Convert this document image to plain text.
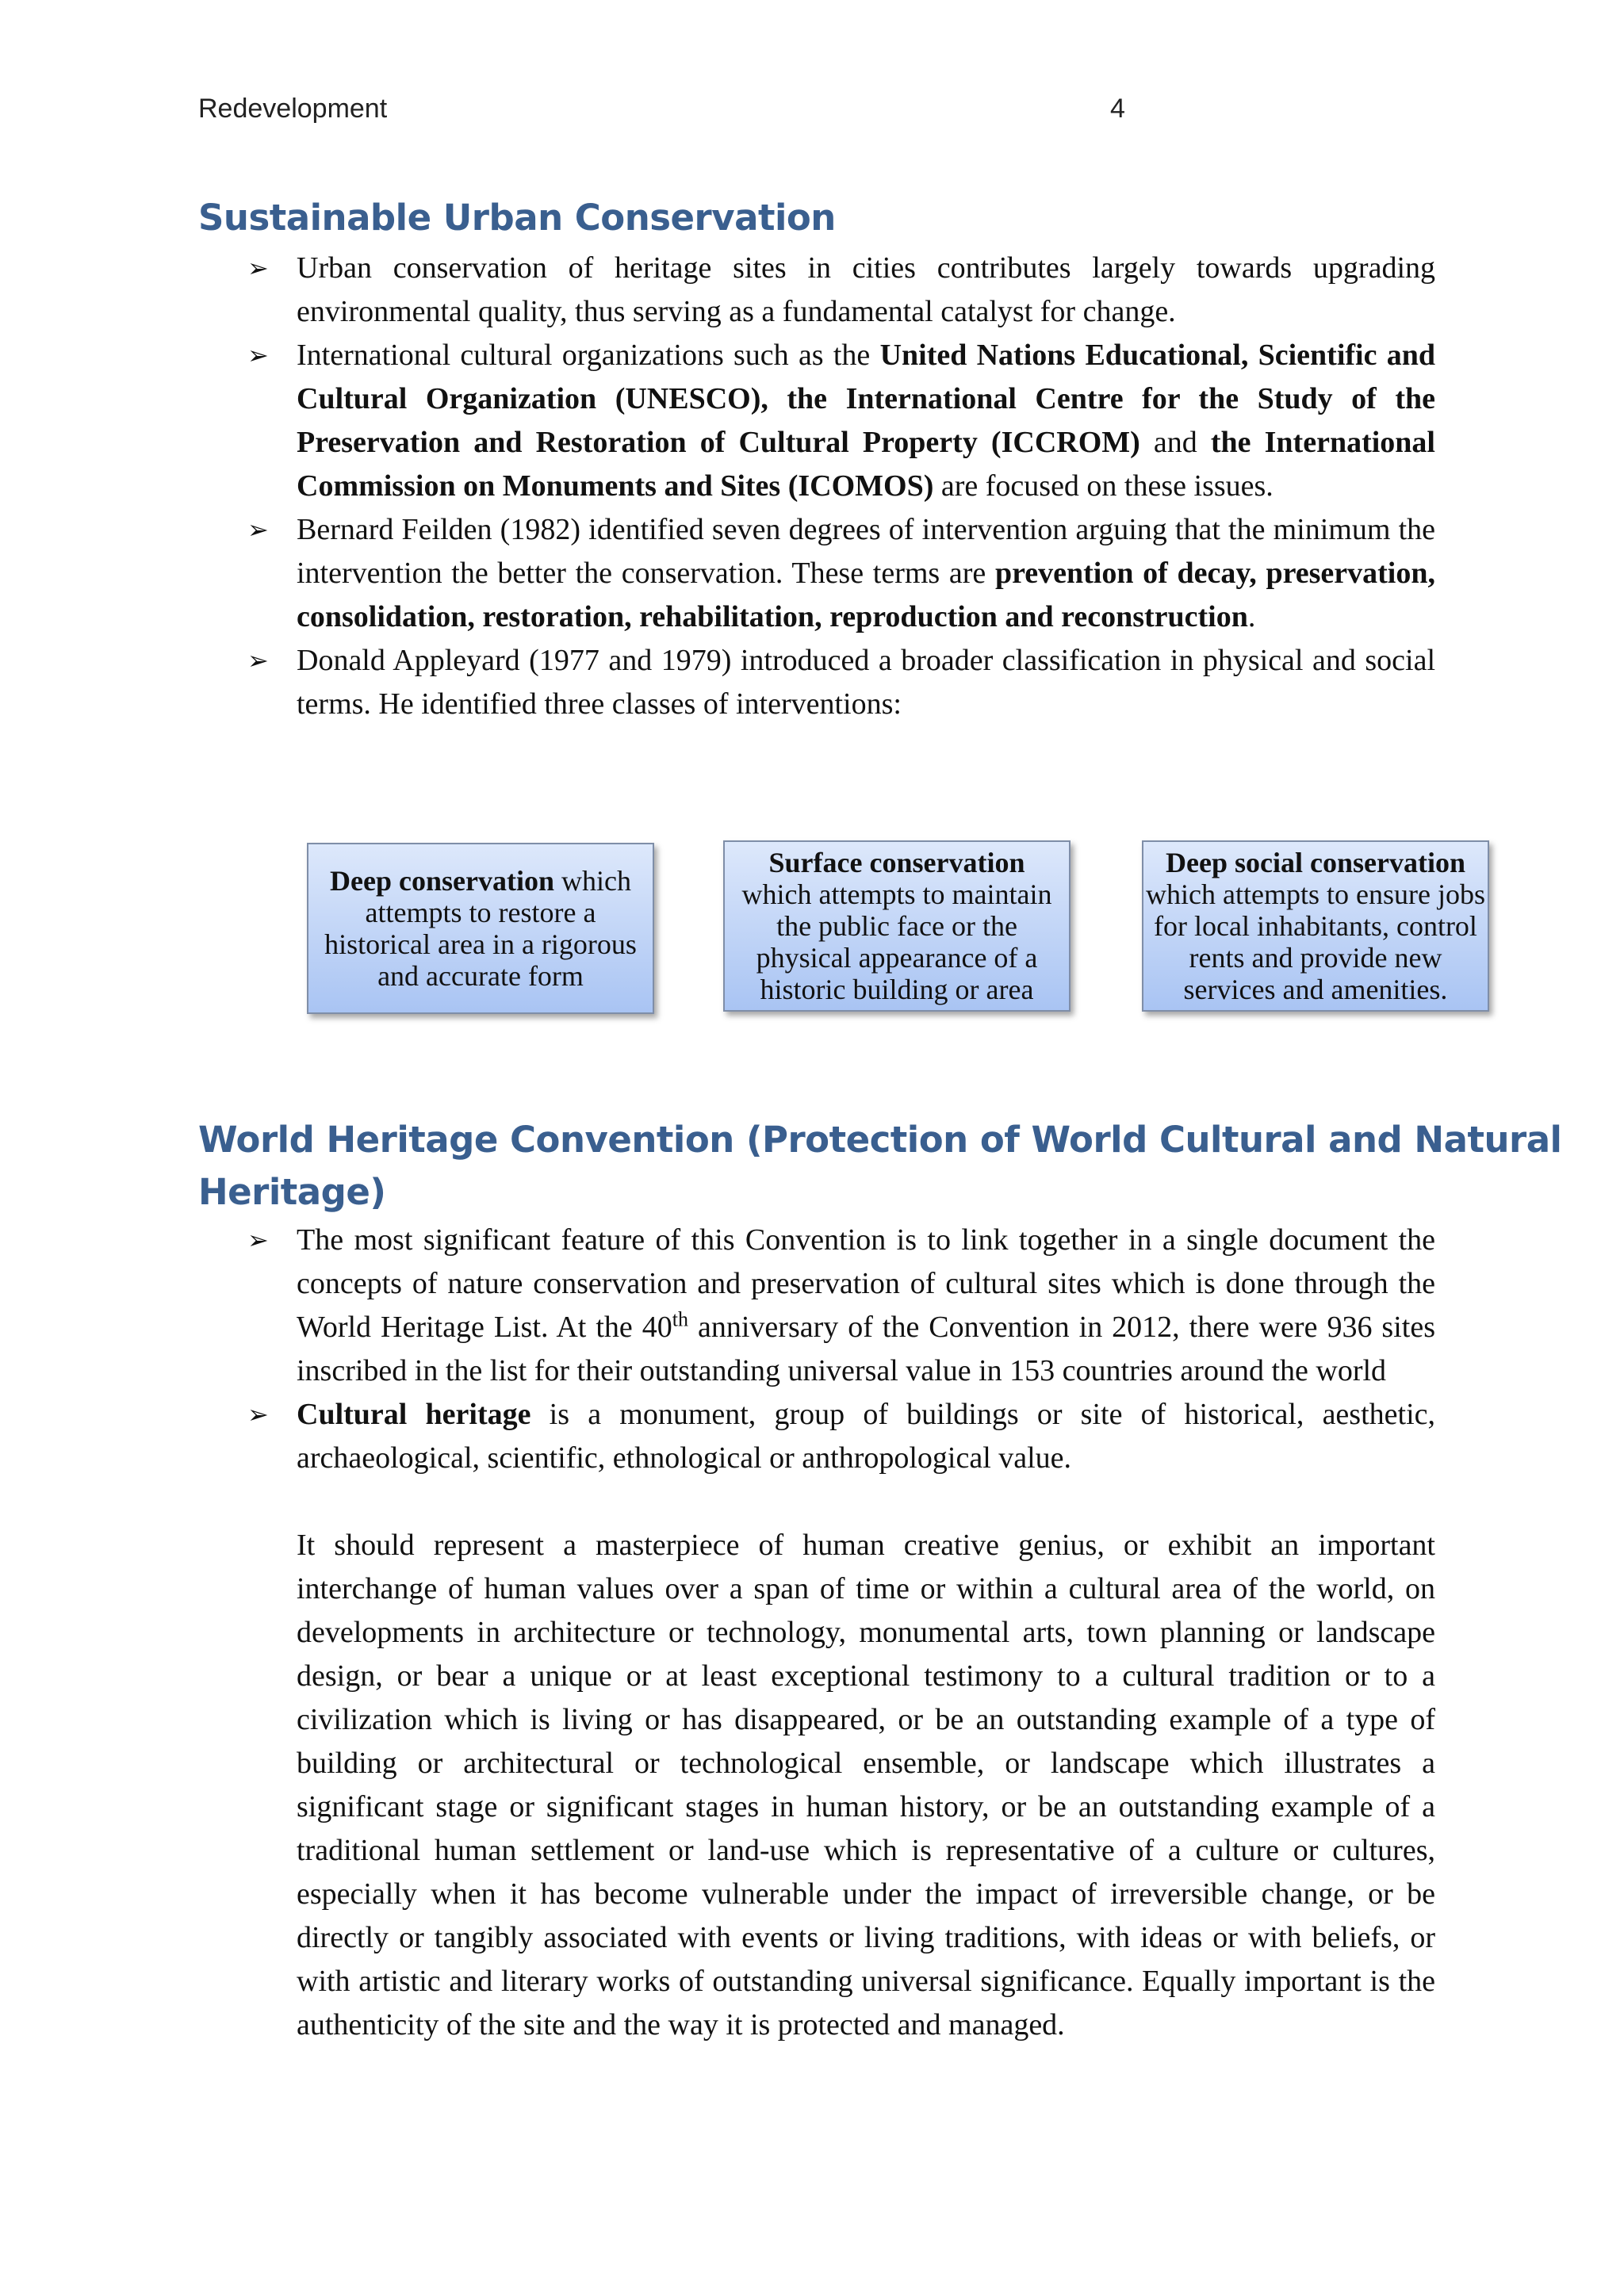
Redevelopment	4
Sustainable Urban Conservation
➢ Urban conservation of heritage sites in cities contributes largely towards upgrading environmental quality, thus serving as a fundamental catalyst for change.
➢ International cultural organizations such as the United Nations Educational, Scientific and Cultural Organization (UNESCO), the International Centre for the Study of the Preservation and Restoration of Cultural Property (ICCROM) and the International Commission on Monuments and Sites (ICOMOS) are focused on these issues.
➢ Bernard Feilden (1982) identified seven degrees of intervention arguing that the minimum the intervention the better the conservation. These terms are prevention of decay, preservation, consolidation, restoration, rehabilitation, reproduction and reconstruction.
➢ Donald Appleyard (1977 and 1979) introduced a broader classification in physical and social terms. He identified three classes of interventions:
Deep conservation which attempts to restore a historical area in a rigorous and accurate form
Surface conservation
which attempts to maintain the public face or the physical appearance of a historic building or area
Deep social conservation
which attempts to ensure jobs for local inhabitants, control rents and provide new services and amenities.
World Heritage Convention (Protection of World Cultural and Natural
Heritage)
➢ The most significant feature of this Convention is to link together in a single document the concepts of nature conservation and preservation of cultural sites which is done through the World Heritage List. At the 40th anniversary of the Convention in 2012, there were 936 sites inscribed in the list for their outstanding universal value in 153 countries around the world
➢ Cultural heritage is a monument, group of buildings or site of historical, aesthetic, archaeological, scientific, ethnological or anthropological value.

It should represent a masterpiece of human creative genius, or exhibit an important interchange of human values over a span of time or within a cultural area of the world, on developments in architecture or technology, monumental arts, town planning or landscape design, or bear a unique or at least exceptional testimony to a cultural tradition or to a civilization which is living or has disappeared, or be an outstanding example of a type of building or architectural or technological ensemble, or landscape which illustrates a significant stage or significant stages in human history, or be an outstanding example of a traditional human settlement or land-use which is representative of a culture or cultures, especially when it has become vulnerable under the impact of irreversible change, or be directly or tangibly associated with events or living traditions, with ideas or with beliefs, or with artistic and literary works of outstanding universal significance. Equally important is the authenticity of the site and the way it is protected and managed.
